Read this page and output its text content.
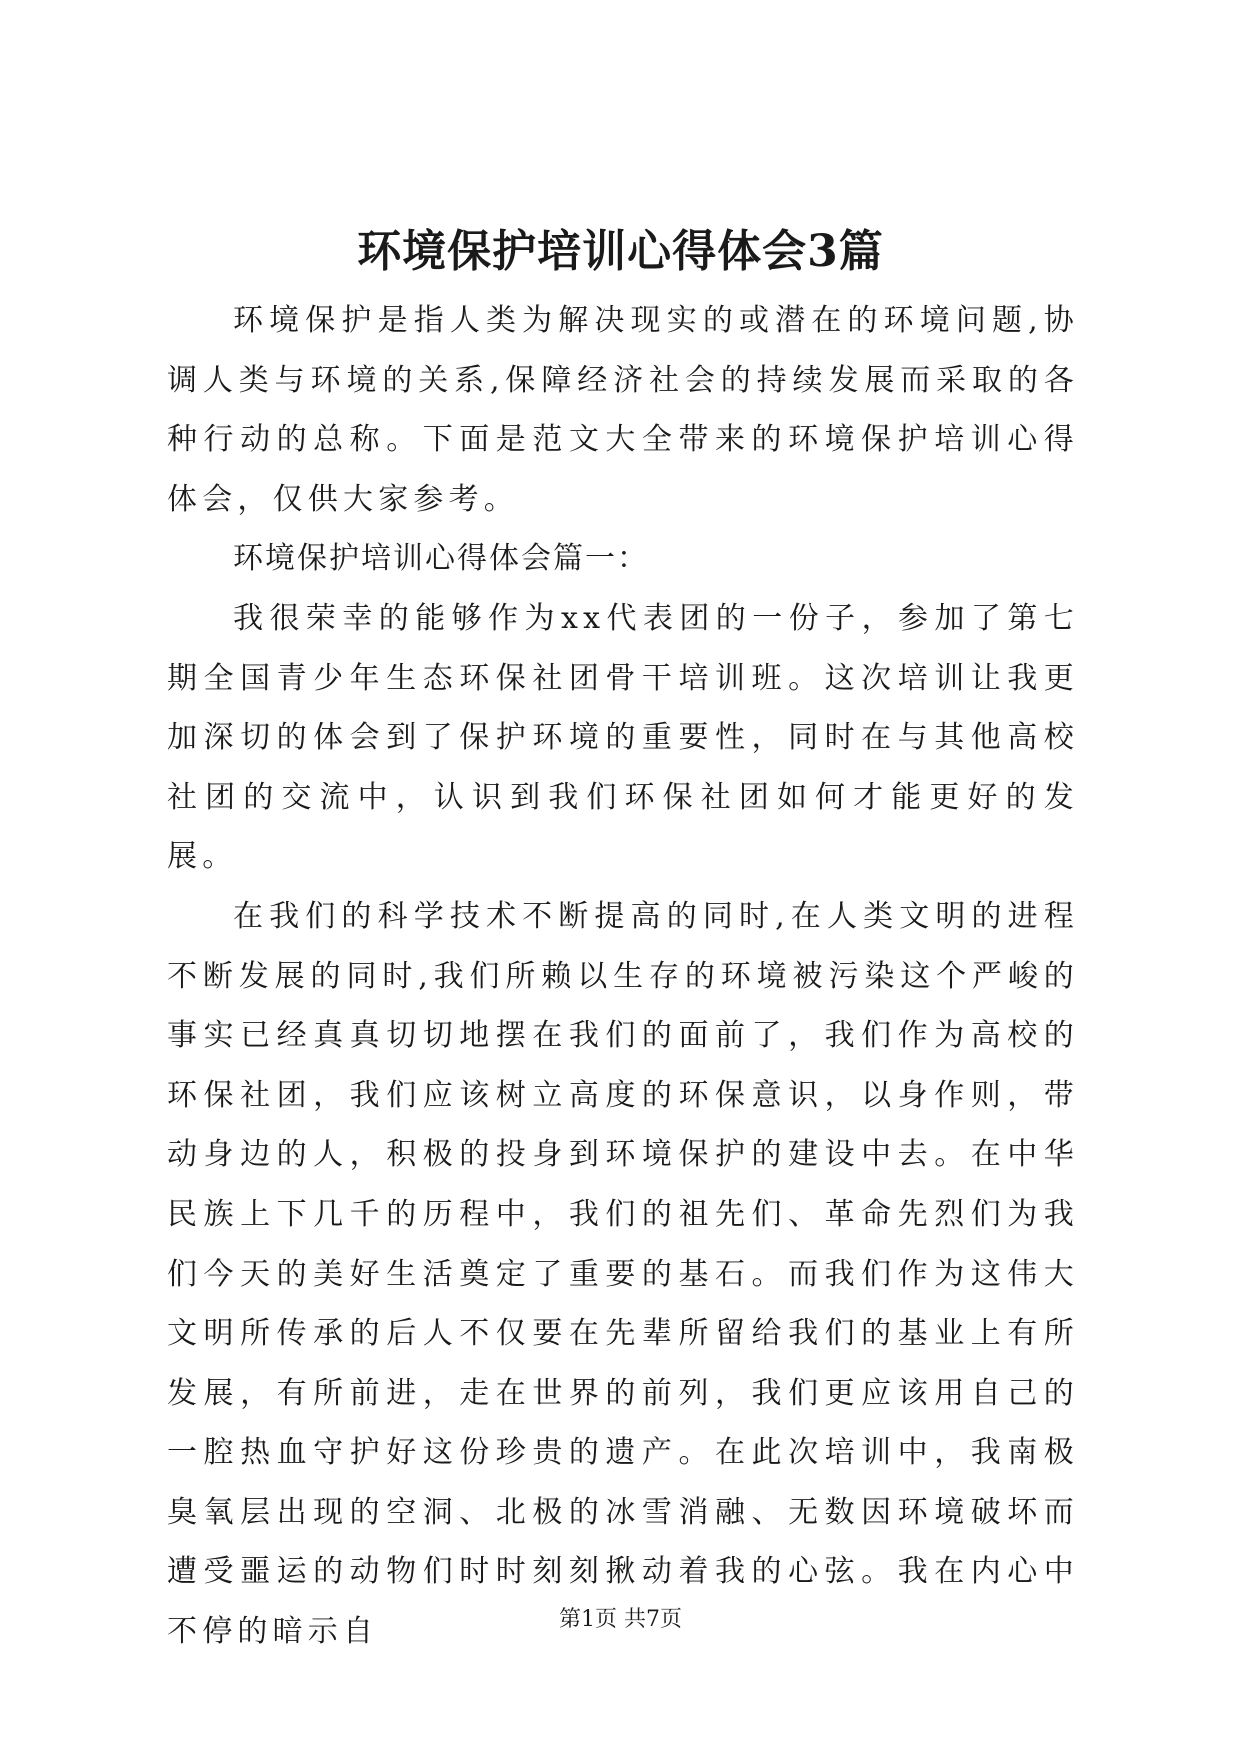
环境保护培训心得体会3篇

环境保护是指人类为解决现实的或潜在的环境问题,协调人类与环境的关系,保障经济社会的持续发展而采取的各种行动的总称。下面是范文大全带来的环境保护培训心得体会，仅供大家参考。

环境保护培训心得体会篇一：

我很荣幸的能够作为xx代表团的一份子，参加了第七期全国青少年生态环保社团骨干培训班。这次培训让我更加深切的体会到了保护环境的重要性，同时在与其他高校社团的交流中，认识到我们环保社团如何才能更好的发展。

在我们的科学技术不断提高的同时,在人类文明的进程不断发展的同时,我们所赖以生存的环境被污染这个严峻的事实已经真真切切地摆在我们的面前了，我们作为高校的环保社团，我们应该树立高度的环保意识，以身作则，带动身边的人，积极的投身到环境保护的建设中去。在中华民族上下几千的历程中，我们的祖先们、革命先烈们为我们今天的美好生活奠定了重要的基石。而我们作为这伟大文明所传承的后人不仅要在先辈所留给我们的基业上有所发展，有所前进，走在世界的前列，我们更应该用自己的一腔热血守护好这份珍贵的遗产。在此次培训中，我南极臭氧层出现的空洞、北极的冰雪消融、无数因环境破坏而遭受噩运的动物们时时刻刻揪动着我的心弦。我在内心中不停的暗示自	第1页 共7页
